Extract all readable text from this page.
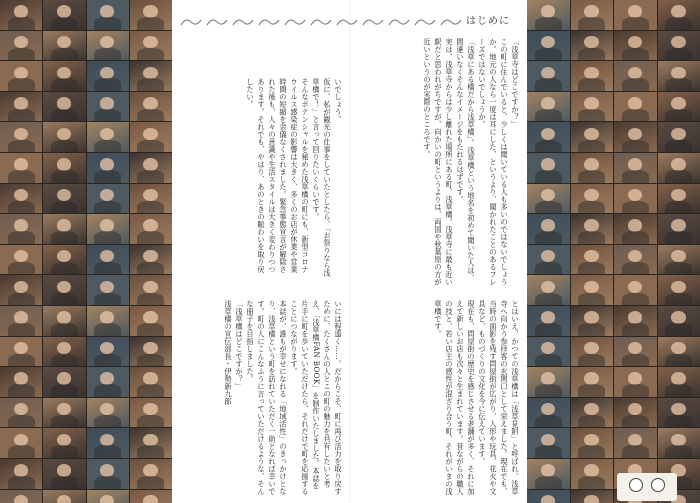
いでしょう。
仮に、私が観光の仕事をしていたとしたら、「お祭りなら浅草橋で！」と言って回りたいくらいです。
そんなポテンシャルを秘めた浅草橋の町にも、新型コロナウイルス感染症の影響は大きく、多くのお店が休業や営業時間の短縮を余儀なくされました。緊急事態宣言が解除された後も、人々の意識や生活スタイルは大きく変わりつつあります。それでも、やはり、あのときの賑わいを取り戻したい。
いには程遠く……。だからこそ、町に再び活力を取り戻すために、たくさんの人とこの町の魅力を共有したいと考え、「浅草橋FAN BOOK」を制作いたしました。本誌を片手に町を歩いていただけたら、それだけで町を応援することにつながります。
本誌が、誰もが幸せになれる「地域活性」のきっかけとなり、浅草橋という町を訪れていただく一助となれば幸いです。町の人にこんなふうに言っていただけるような、そんな冊子を目指しました。
「浅草橋はどこですか？」
浅草橋の宣伝部長・伊勢新九郎
「浅草寺はどこですか？」
この町に住んでいると、少しくは聞いている人も多いのではないでしょうか。地元の人なら一度は耳にした、というより、聞かれたことのあるフレーズではないでしょうか。
「浅草にある橋だから浅草橋」。浅草橋という地名を初めて聞いた人は、間違いなくそんなイメージをもたれるはずです。
実は、浅草寺からは少し離れた場所にある町、浅草橋。浅草寺に最も近い駅だと思われがちですが、向かいの町というよりは、両国や秋葉原の方が近いというのが実際のところです。
とはいえ、かつての浅草橋は「浅草見附」と呼ばれ、浅草寺へ向かう参拝客の玄関口として栄えました。現在でも、当時の面影を残す問屋街が広がり、人形や玩具、花火や文具など、ものづくりの文化を今に伝えています。
現在も、問屋街の歴史を感じさせる老舗が多く、それに加えて新しいお店も次々と生まれています。昔ながらの職人の技と、若い店主の感性が混ざり合う町、それがいまの浅草橋です。
はじめに
